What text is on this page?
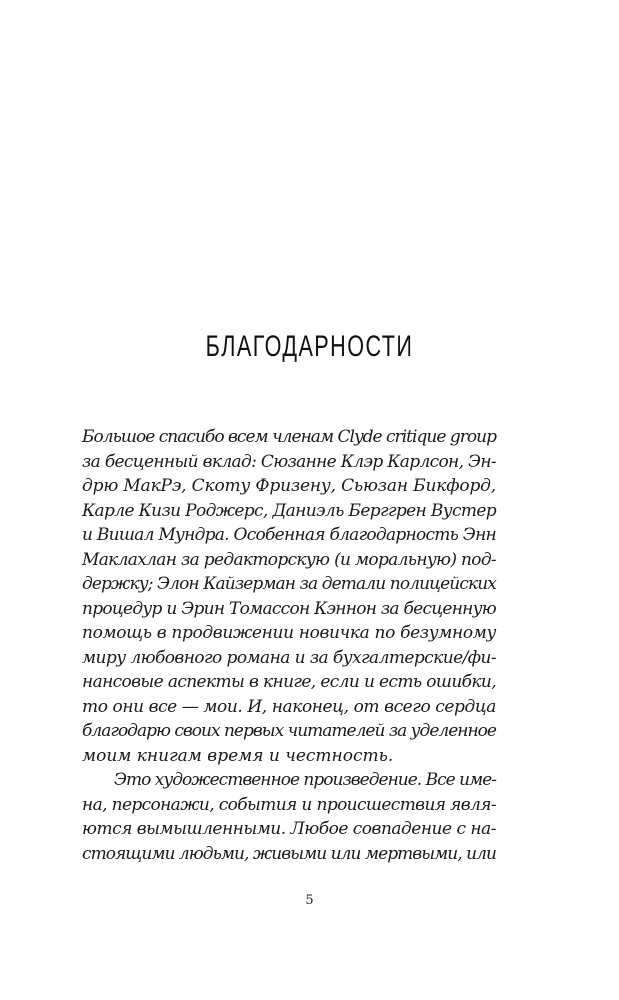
БЛАГОДАРНОСТИ
Большое спасибо всем членам Clyde critique group
за бесценный вклад: Сюзанне Клэр Карлсон, Эн-
дрю МакРэ, Скоту Фризену, Сьюзан Бикфорд,
Карле Кизи Роджерс, Даниэль Берггрен Вустер
и Вишал Мундра. Особенная благодарность Энн
Маклахлан за редакторскую (и моральную) под-
держку; Элон Кайзерман за детали полицейских
процедур и Эрин Томассон Кэннон за бесценную
помощь в продвижении новичка по безумному
миру любовного романа и за бухгалтерские/фи-
нансовые аспекты в книге, если и есть ошибки,
то они все — мои. И, наконец, от всего сердца
благодарю своих первых читателей за уделенное
моим книгам время и честность.
Это художественное произведение. Все име-
на, персонажи, события и происшествия явля-
ются вымышленными. Любое совпадение с на-
стоящими людьми, живыми или мертвыми, или
5
